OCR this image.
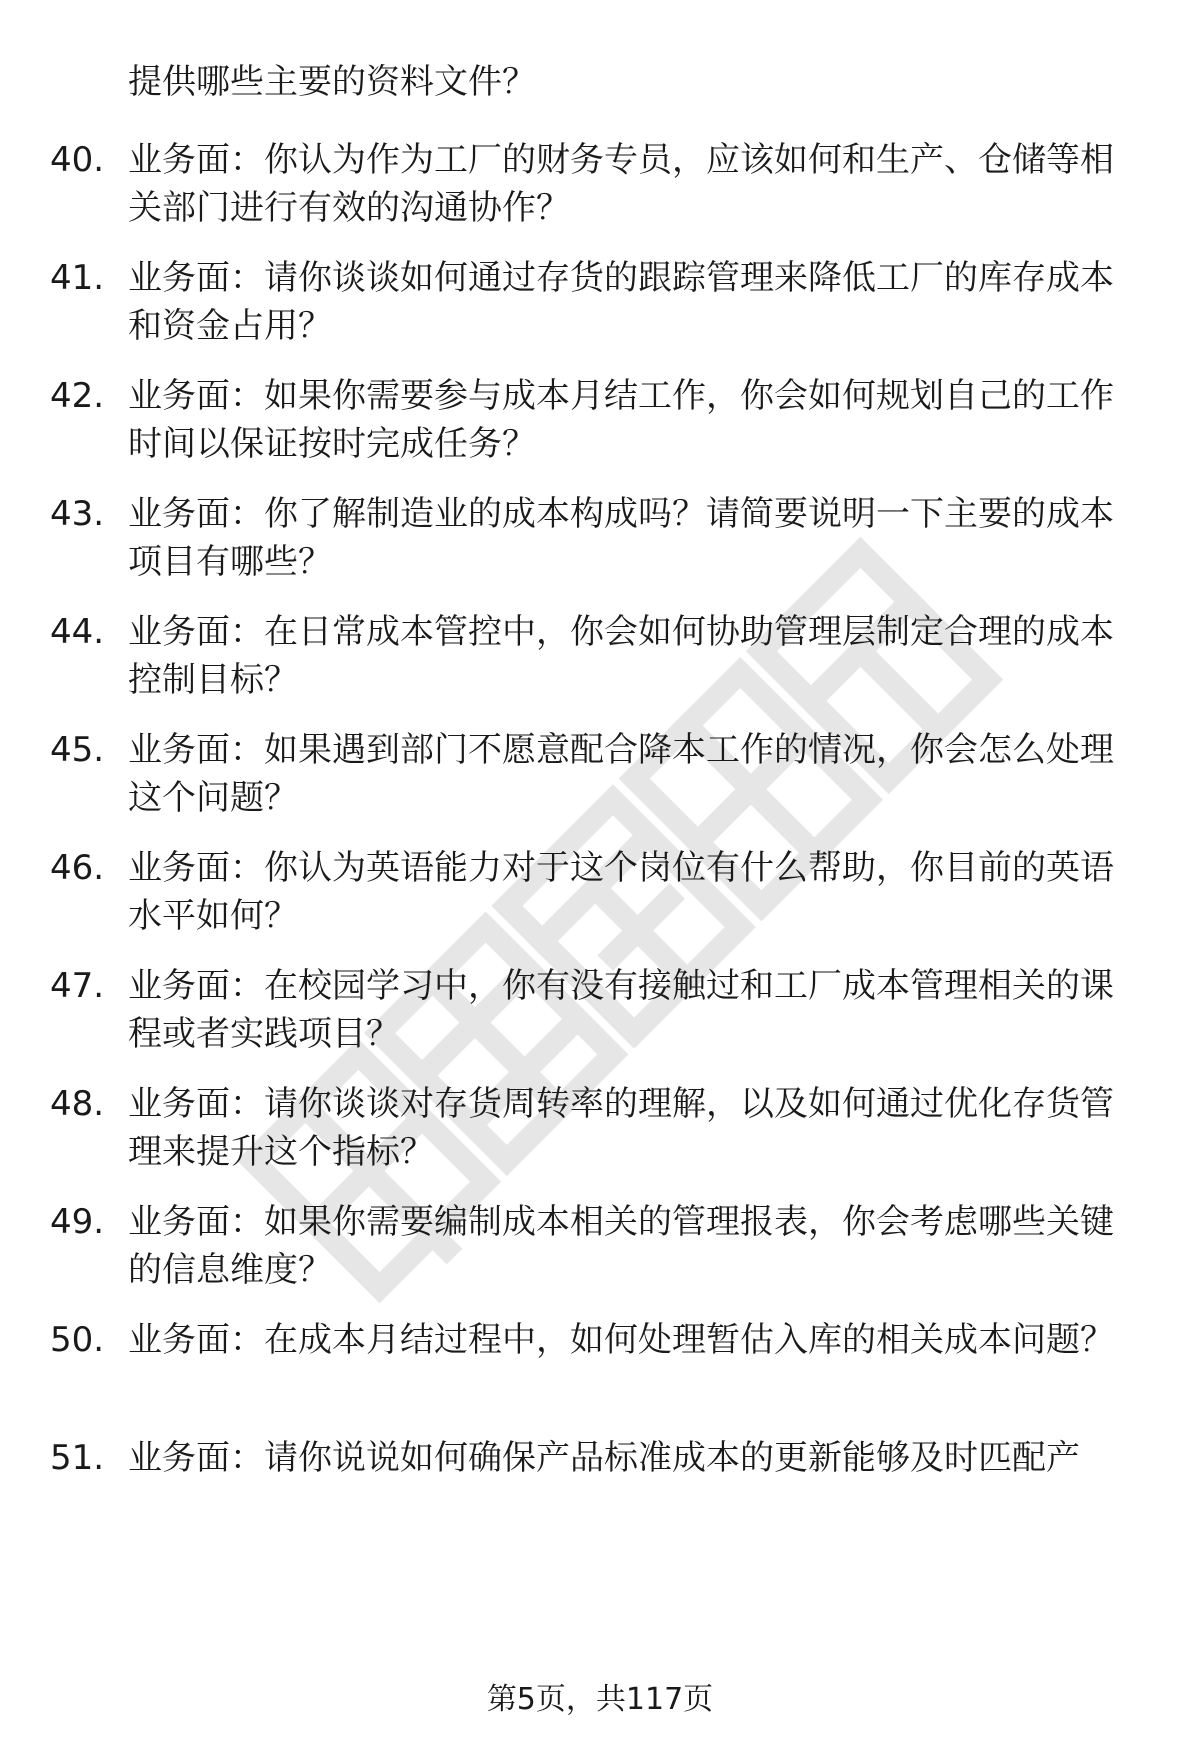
提供哪些主要的资料文件？

40. 业务面：你认为作为工厂的财务专员，应该如何和生产、仓储等相关部门进行有效的沟通协作？
41. 业务面：请你谈谈如何通过存货的跟踪管理来降低工厂的库存成本和资金占用？
42. 业务面：如果你需要参与成本月结工作，你会如何规划自己的工作时间以保证按时完成任务？
43. 业务面：你了解制造业的成本构成吗？请简要说明一下主要的成本项目有哪些？
44. 业务面：在日常成本管控中，你会如何协助管理层制定合理的成本控制目标？
45. 业务面：如果遇到部门不愿意配合降本工作的情况，你会怎么处理这个问题？
46. 业务面：你认为英语能力对于这个岗位有什么帮助，你目前的英语水平如何？
47. 业务面：在校园学习中，你有没有接触过和工厂成本管理相关的课程或者实践项目？
48. 业务面：请你谈谈对存货周转率的理解，以及如何通过优化存货管理来提升这个指标？
49. 业务面：如果你需要编制成本相关的管理报表，你会考虑哪些关键的信息维度？
50. 业务面：在成本月结过程中，如何处理暂估入库的相关成本问题？
51. 业务面：请你说说如何确保产品标准成本的更新能够及时匹配产
第5页，共117页
